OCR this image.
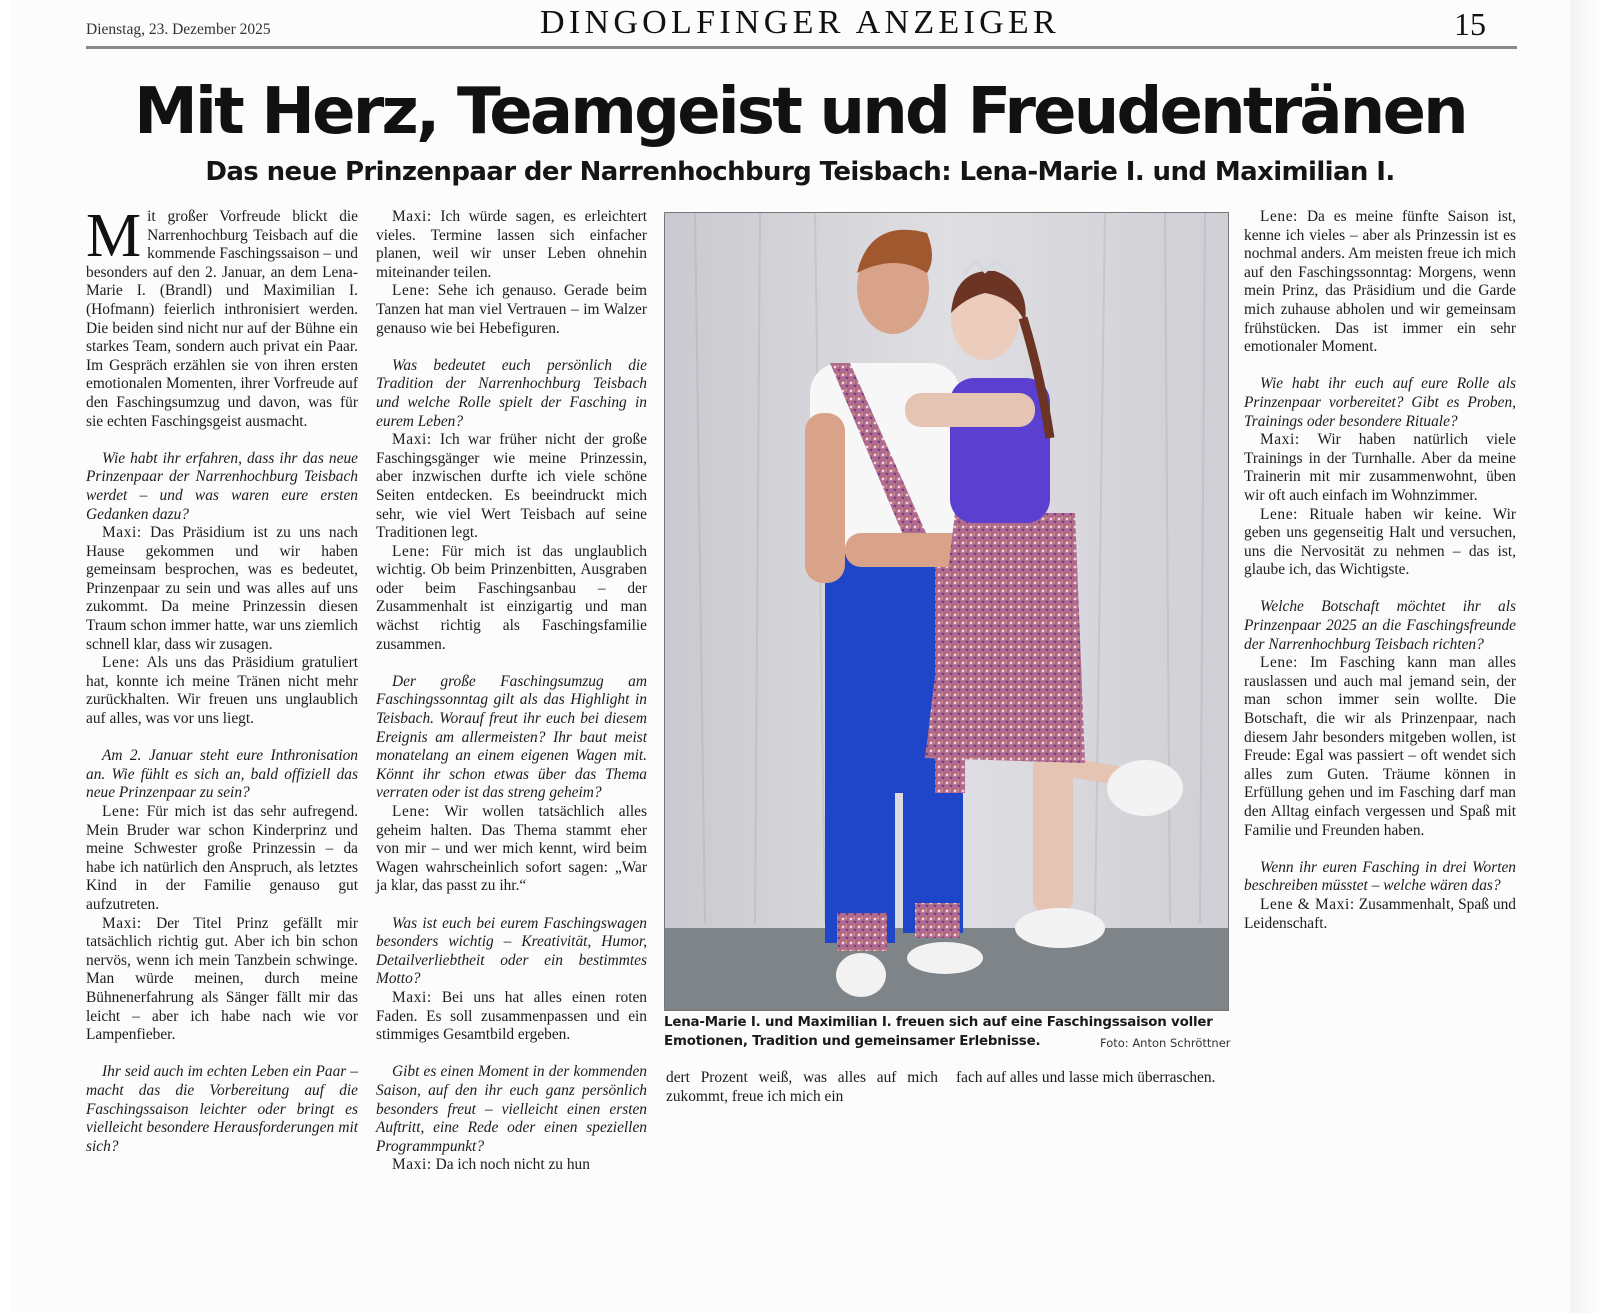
Dienstag, 23. Dezember 2025	DINGOLFINGER ANZEIGER	15
Mit Herz, Teamgeist und Freudentränen
Das neue Prinzenpaar der Narrenhochburg Teisbach: Lena-Marie I. und Maximilian I.

Mit großer Vorfreude blickt die Narrenhochburg Teisbach auf die kommende Faschingssaison – und besonders auf den 2. Januar, an dem Lena-Marie I. (Brandl) und Maximilian I. (Hofmann) feierlich inthronisiert werden. Die beiden sind nicht nur auf der Bühne ein starkes Team, sondern auch privat ein Paar. Im Gespräch erzählen sie von ihren ersten emotionalen Momenten, ihrer Vorfreude auf den Faschingsumzug und davon, was für sie echten Faschingsgeist ausmacht.

Wie habt ihr erfahren, dass ihr das neue Prinzenpaar der Narrenhochburg Teisbach werdet – und was waren eure ersten Gedanken dazu?

Maxi: Das Präsidium ist zu uns nach Hause gekommen und wir haben gemeinsam besprochen, was es bedeutet, Prinzenpaar zu sein und was alles auf uns zukommt. Da meine Prinzessin diesen Traum schon immer hatte, war uns ziemlich schnell klar, dass wir zusagen.

Lene: Als uns das Präsidium gratuliert hat, konnte ich meine Tränen nicht mehr zurückhalten. Wir freuen uns unglaublich auf alles, was vor uns liegt.

Am 2. Januar steht eure Inthronisation an. Wie fühlt es sich an, bald offiziell das neue Prinzenpaar zu sein?

Lene: Für mich ist das sehr aufregend. Mein Bruder war schon Kinderprinz und meine Schwester große Prinzessin – da habe ich natürlich den Anspruch, als letztes Kind in der Familie genauso gut aufzutreten.

Maxi: Der Titel Prinz gefällt mir tatsächlich richtig gut. Aber ich bin schon nervös, wenn ich mein Tanzbein schwinge. Man würde meinen, durch meine Bühnenerfahrung als Sänger fällt mir das leicht – aber ich habe nach wie vor Lampenfieber.

Ihr seid auch im echten Leben ein Paar – macht das die Vorbereitung auf die Faschingssaison leichter oder bringt es vielleicht besondere Herausforderungen mit sich?

Maxi: Ich würde sagen, es erleichtert vieles. Termine lassen sich einfacher planen, weil wir unser Leben ohnehin miteinander teilen.

Lene: Sehe ich genauso. Gerade beim Tanzen hat man viel Vertrauen – im Walzer genauso wie bei Hebefiguren.

Was bedeutet euch persönlich die Tradition der Narrenhochburg Teisbach und welche Rolle spielt der Fasching in eurem Leben?

Maxi: Ich war früher nicht der große Faschingsgänger wie meine Prinzessin, aber inzwischen durfte ich viele schöne Seiten entdecken. Es beeindruckt mich sehr, wie viel Wert Teisbach auf seine Traditionen legt.

Lene: Für mich ist das unglaublich wichtig. Ob beim Prinzenbitten, Ausgraben oder beim Faschingsanbau – der Zusammenhalt ist einzigartig und man wächst richtig als Faschingsfamilie zusammen.

Der große Faschingsumzug am Faschingssonntag gilt als das Highlight in Teisbach. Worauf freut ihr euch bei diesem Ereignis am allermeisten? Ihr baut meist monatelang an einem eigenen Wagen mit. Könnt ihr schon etwas über das Thema verraten oder ist das streng geheim?

Lene: Wir wollen tatsächlich alles geheim halten. Das Thema stammt eher von mir – und wer mich kennt, wird beim Wagen wahrscheinlich sofort sagen: „War ja klar, das passt zu ihr.“

Was ist euch bei eurem Faschingswagen besonders wichtig – Kreativität, Humor, Detailverliebtheit oder ein bestimmtes Motto?

Maxi: Bei uns hat alles einen roten Faden. Es soll zusammenpassen und ein stimmiges Gesamtbild ergeben.

Gibt es einen Moment in der kommenden Saison, auf den ihr euch ganz persönlich besonders freut – vielleicht einen ersten Auftritt, eine Rede oder einen speziellen Programmpunkt?

Maxi: Da ich noch nicht zu hun

Lena-Marie I. und Maximilian I. freuen sich auf eine Faschingssaison voller Emotionen, Tradition und gemeinsamer Erlebnisse.	Foto: Anton Schröttner

dert Prozent weiß, was alles auf mich zukommt, freue ich mich ein

fach auf alles und lasse mich überraschen.

Lene: Da es meine fünfte Saison ist, kenne ich vieles – aber als Prinzessin ist es nochmal anders. Am meisten freue ich mich auf den Faschingssonntag: Morgens, wenn mein Prinz, das Präsidium und die Garde mich zuhause abholen und wir gemeinsam frühstücken. Das ist immer ein sehr emotionaler Moment.

Wie habt ihr euch auf eure Rolle als Prinzenpaar vorbereitet? Gibt es Proben, Trainings oder besondere Rituale?

Maxi: Wir haben natürlich viele Trainings in der Turnhalle. Aber da meine Trainerin mit mir zusammenwohnt, üben wir oft auch einfach im Wohnzimmer.

Lene: Rituale haben wir keine. Wir geben uns gegenseitig Halt und versuchen, uns die Nervosität zu nehmen – das ist, glaube ich, das Wichtigste.

Welche Botschaft möchtet ihr als Prinzenpaar 2025 an die Faschingsfreunde der Narrenhochburg Teisbach richten?

Lene: Im Fasching kann man alles rauslassen und auch mal jemand sein, der man schon immer sein wollte. Die Botschaft, die wir als Prinzenpaar, nach diesem Jahr besonders mitgeben wollen, ist Freude: Egal was passiert – oft wendet sich alles zum Guten. Träume können in Erfüllung gehen und im Fasching darf man den Alltag einfach vergessen und Spaß mit Familie und Freunden haben.

Wenn ihr euren Fasching in drei Worten beschreiben müsstet – welche wären das?

Lene & Maxi: Zusammenhalt, Spaß und Leidenschaft.
